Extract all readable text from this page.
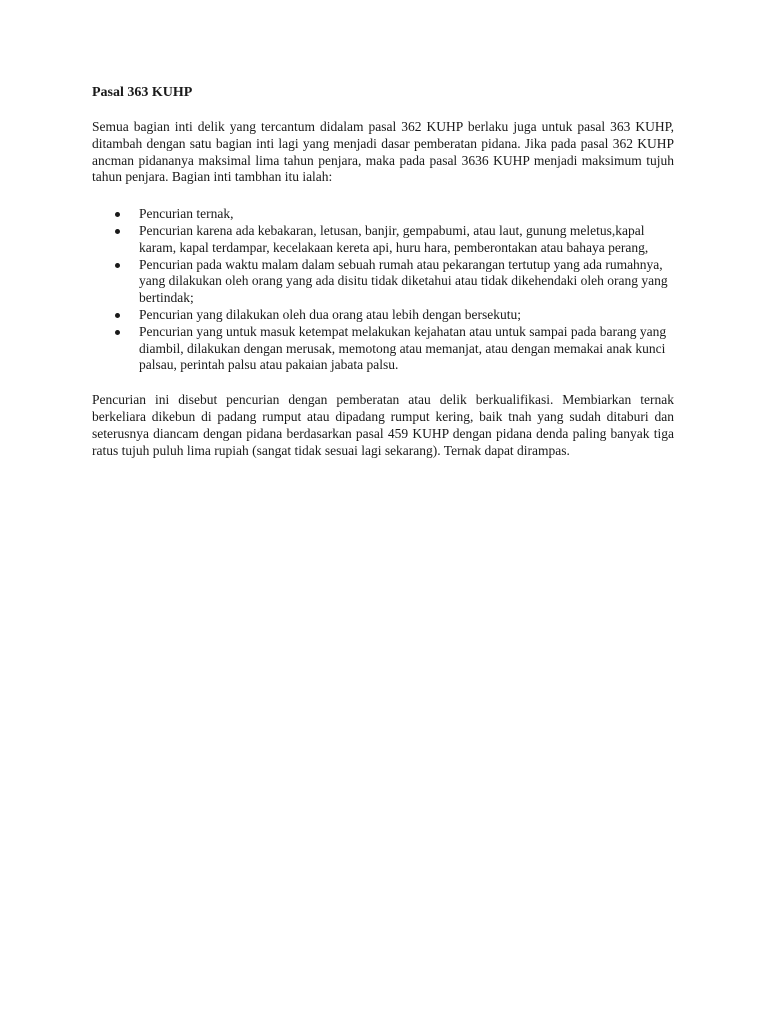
Pasal 363 KUHP

Semua bagian inti delik yang tercantum didalam pasal 362 KUHP berlaku juga untuk pasal 363 KUHP, ditambah dengan satu bagian inti lagi yang menjadi dasar pemberatan pidana. Jika pada pasal 362 KUHP ancman pidananya maksimal lima tahun penjara, maka pada pasal 3636 KUHP menjadi maksimum tujuh tahun penjara. Bagian inti tambhan itu ialah:

Pencurian ternak,
Pencurian karena ada kebakaran, letusan, banjir, gempabumi, atau laut, gunung meletus,kapal karam, kapal terdampar, kecelakaan kereta api, huru hara, pemberontakan atau bahaya perang,
Pencurian pada waktu malam dalam sebuah rumah atau pekarangan tertutup yang ada rumahnya, yang dilakukan oleh orang yang ada disitu tidak diketahui atau tidak dikehendaki oleh orang yang bertindak;
Pencurian yang dilakukan oleh dua orang atau lebih dengan bersekutu;
Pencurian yang untuk masuk ketempat melakukan kejahatan atau untuk sampai pada barang yang diambil, dilakukan dengan merusak, memotong atau memanjat, atau dengan memakai anak kunci palsau, perintah palsu atau pakaian jabata palsu.

Pencurian ini disebut pencurian dengan pemberatan atau delik berkualifikasi. Membiarkan ternak berkeliara dikebun di padang rumput atau dipadang rumput kering, baik tnah yang sudah ditaburi dan seterusnya diancam dengan pidana berdasarkan pasal 459 KUHP dengan pidana denda paling banyak tiga ratus tujuh puluh lima rupiah (sangat tidak sesuai lagi sekarang). Ternak dapat dirampas.
